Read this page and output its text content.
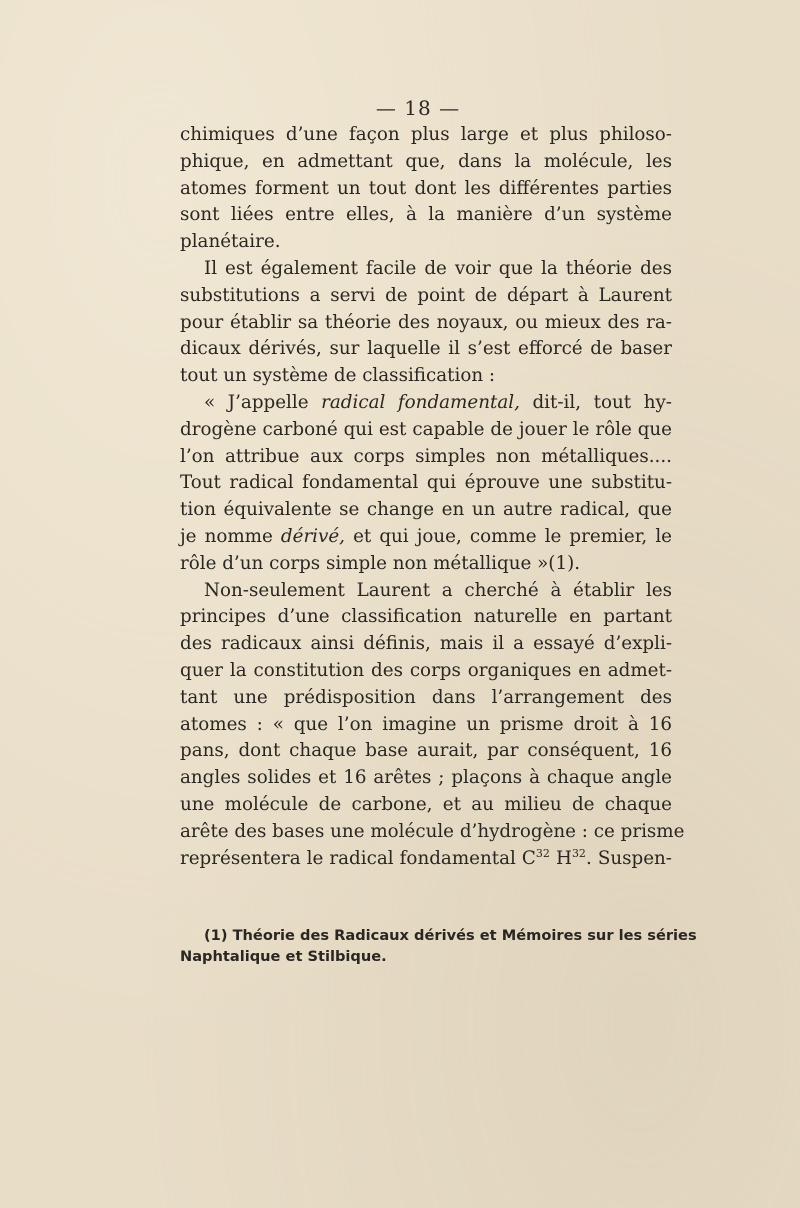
— 18 —
chimiques d’une façon plus large et plus philoso-
phique, en admettant que, dans la molécule, les
atomes forment un tout dont les différentes parties
sont liées entre elles, à la manière d’un système
planétaire.
Il est également facile de voir que la théorie des
substitutions a servi de point de départ à Laurent
pour établir sa théorie des noyaux, ou mieux des ra-
dicaux dérivés, sur laquelle il s’est efforcé de baser
tout un système de classification :
« J’appelle radical fondamental, dit-il, tout hy-
drogène carboné qui est capable de jouer le rôle que
l’on attribue aux corps simples non métalliques....
Tout radical fondamental qui éprouve une substitu-
tion équivalente se change en un autre radical, que
je nomme dérivé, et qui joue, comme le premier, le
rôle d’un corps simple non métallique »(1).
Non-seulement Laurent a cherché à établir les
principes d’une classification naturelle en partant
des radicaux ainsi définis, mais il a essayé d’expli-
quer la constitution des corps organiques en admet-
tant une prédisposition dans l’arrangement des
atomes : « que l’on imagine un prisme droit à 16
pans, dont chaque base aurait, par conséquent, 16
angles solides et 16 arêtes ; plaçons à chaque angle
une molécule de carbone, et au milieu de chaque
arête des bases une molécule d’hydrogène : ce prisme
représentera le radical fondamental $C^{32}$ $H^{32}$. Suspen-
(1) Théorie des Radicaux dérivés et Mémoires sur les séries
Naphtalique et Stilbique.
